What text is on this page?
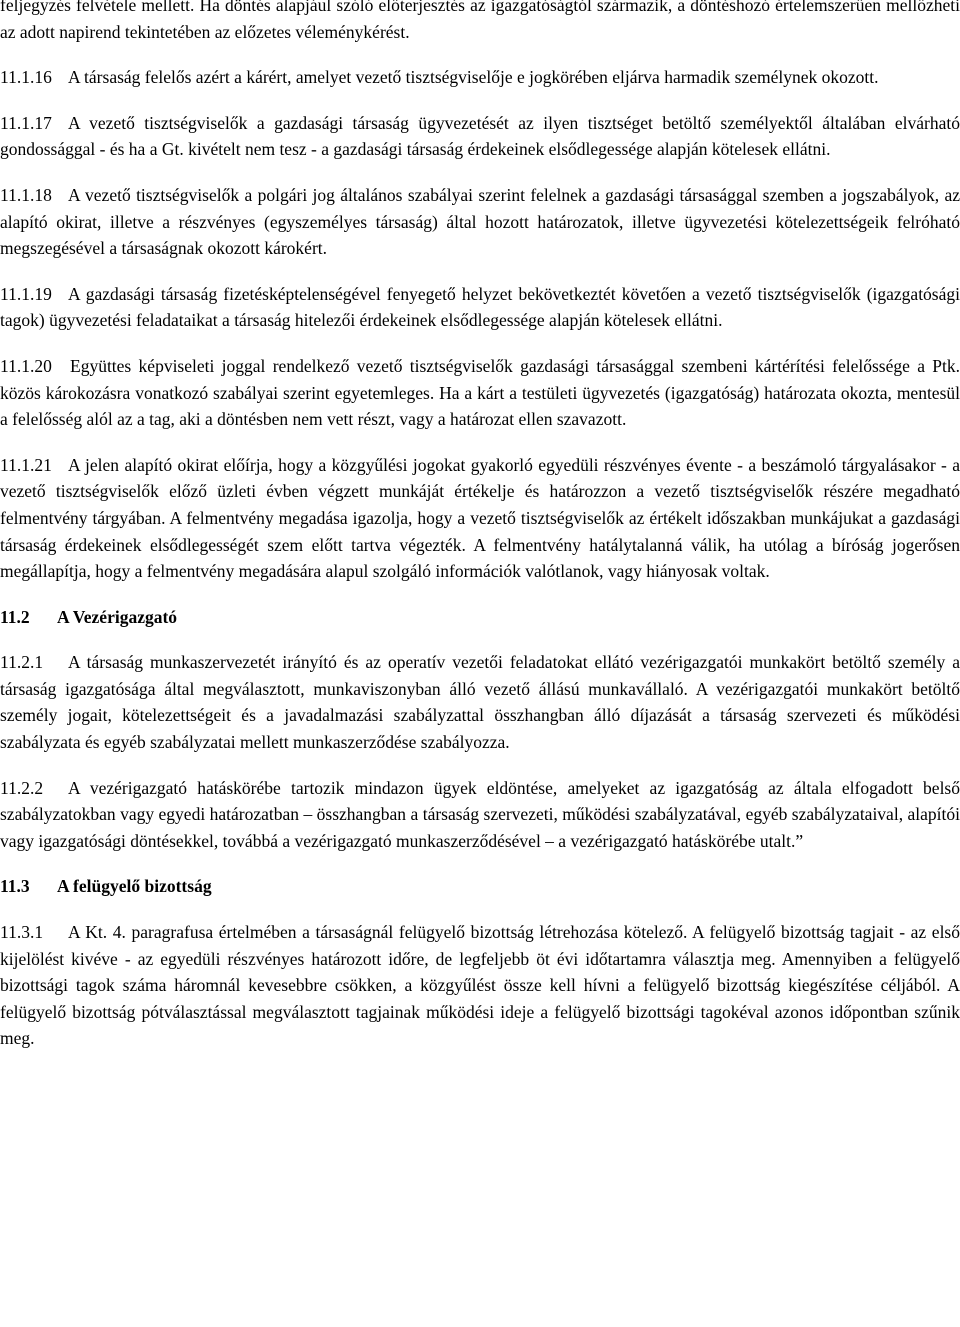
feljegyzés felvétele mellett. Ha döntés alapjául szóló előterjesztés az igazgatóságtól származik, a döntéshozó értelemszerűen mellőzheti az adott napirend tekintetében az előzetes véleménykérést.

11.1.16 A társaság felelős azért a kárért, amelyet vezető tisztségviselője e jogkörében eljárva harmadik személynek okozott.

11.1.17 A vezető tisztségviselők a gazdasági társaság ügyvezetését az ilyen tisztséget betöltő személyektől általában elvárható gondossággal - és ha a Gt. kivételt nem tesz - a gazdasági társaság érdekeinek elsődlegessége alapján kötelesek ellátni.

11.1.18 A vezető tisztségviselők a polgári jog általános szabályai szerint felelnek a gazdasági társasággal szemben a jogszabályok, az alapító okirat, illetve a részvényes (egyszemélyes társaság) által hozott határozatok, illetve ügyvezetési kötelezettségeik felróható megszegésével a társaságnak okozott károkért.

11.1.19 A gazdasági társaság fizetésképtelenségével fenyegető helyzet bekövetkeztét követően a vezető tisztségviselők (igazgatósági tagok) ügyvezetési feladataikat a társaság hitelezői érdekeinek elsődlegessége alapján kötelesek ellátni.

11.1.20 Együttes képviseleti joggal rendelkező vezető tisztségviselők gazdasági társasággal szembeni kártérítési felelőssége a Ptk. közös károkozásra vonatkozó szabályai szerint egyetemleges. Ha a kárt a testületi ügyvezetés (igazgatóság) határozata okozta, mentesül a felelősség alól az a tag, aki a döntésben nem vett részt, vagy a határozat ellen szavazott.

11.1.21 A jelen alapító okirat előírja, hogy a közgyűlési jogokat gyakorló egyedüli részvényes évente - a beszámoló tárgyalásakor - a vezető tisztségviselők előző üzleti évben végzett munkáját értékelje és határozzon a vezető tisztségviselők részére megadható felmentvény tárgyában. A felmentvény megadása igazolja, hogy a vezető tisztségviselők az értékelt időszakban munkájukat a gazdasági társaság érdekeinek elsődlegességét szem előtt tartva végezték. A felmentvény hatálytalanná válik, ha utólag a bíróság jogerősen megállapítja, hogy a felmentvény megadására alapul szolgáló információk valótlanok, vagy hiányosak voltak.

11.2 A Vezérigazgató

11.2.1 A társaság munkaszervezetét irányító és az operatív vezetői feladatokat ellátó vezérigazgatói munkakört betöltő személy a társaság igazgatósága által megválasztott, munkaviszonyban álló vezető állású munkavállaló. A vezérigazgatói munkakört betöltő személy jogait, kötelezettségeit és a javadalmazási szabályzattal összhangban álló díjazását a társaság szervezeti és működési szabályzata és egyéb szabályzatai mellett munkaszerződése szabályozza.

11.2.2 A vezérigazgató hatáskörébe tartozik mindazon ügyek eldöntése, amelyeket az igazgatóság az általa elfogadott belső szabályzatokban vagy egyedi határozatban – összhangban a társaság szervezeti, működési szabályzatával, egyéb szabályzataival, alapítói vagy igazgatósági döntésekkel, továbbá a vezérigazgató munkaszerződésével – a vezérigazgató hatáskörébe utalt.”

11.3 A felügyelő bizottság

11.3.1 A Kt. 4. paragrafusa értelmében a társaságnál felügyelő bizottság létrehozása kötelező. A felügyelő bizottság tagjait - az első kijelölést kivéve - az egyedüli részvényes határozott időre, de legfeljebb öt évi időtartamra választja meg. Amennyiben a felügyelő bizottsági tagok száma háromnál kevesebbre csökken, a közgyűlést össze kell hívni a felügyelő bizottság kiegészítése céljából. A felügyelő bizottság pótválasztással megválasztott tagjainak működési ideje a felügyelő bizottsági tagokéval azonos időpontban szűnik meg.
